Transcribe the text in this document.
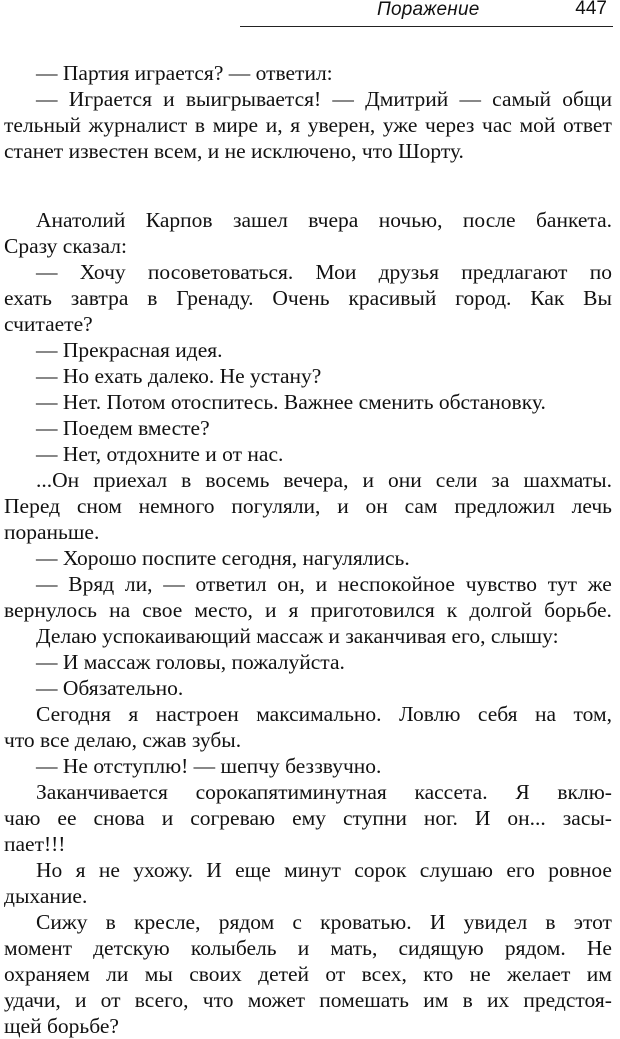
Поражение	447
— Партия играется? — ответил:
— Играется и выигрывается! — Дмитрий — самый общи
тельный журналист в мире и, я уверен, уже через час мой ответ
станет известен всем, и не исключено, что Шорту.
Анатолий Карпов зашел вчера ночью, после банкета.
Сразу сказал:
— Хочу посоветоваться. Мои друзья предлагают по
ехать завтра в Гренаду. Очень красивый город. Как Вы
считаете?
— Прекрасная идея.
— Но ехать далеко. Не устану?
— Нет. Потом отоспитесь. Важнее сменить обстановку.
— Поедем вместе?
— Нет, отдохните и от нас.
...Он приехал в восемь вечера, и они сели за шахматы.
Перед сном немного погуляли, и он сам предложил лечь
пораньше.
— Хорошо поспите сегодня, нагулялись.
— Вряд ли, — ответил он, и неспокойное чувство тут же
вернулось на свое место, и я приготовился к долгой борьбе.
Делаю успокаивающий массаж и заканчивая его, слышу:
— И массаж головы, пожалуйста.
— Обязательно.
Сегодня я настроен максимально. Ловлю себя на том,
что все делаю, сжав зубы.
— Не отступлю! — шепчу беззвучно.
Заканчивается сорокапятиминутная кассета. Я вклю-
чаю ее снова и согреваю ему ступни ног. И он... засы-
пает!!!
Но я не ухожу. И еще минут сорок слушаю его ровное
дыхание.
Сижу в кресле, рядом с кроватью. И увидел в этот
момент детскую колыбель и мать, сидящую рядом. Не
охраняем ли мы своих детей от всех, кто не желает им
удачи, и от всего, что может помешать им в их предстоя-
щей борьбе?
